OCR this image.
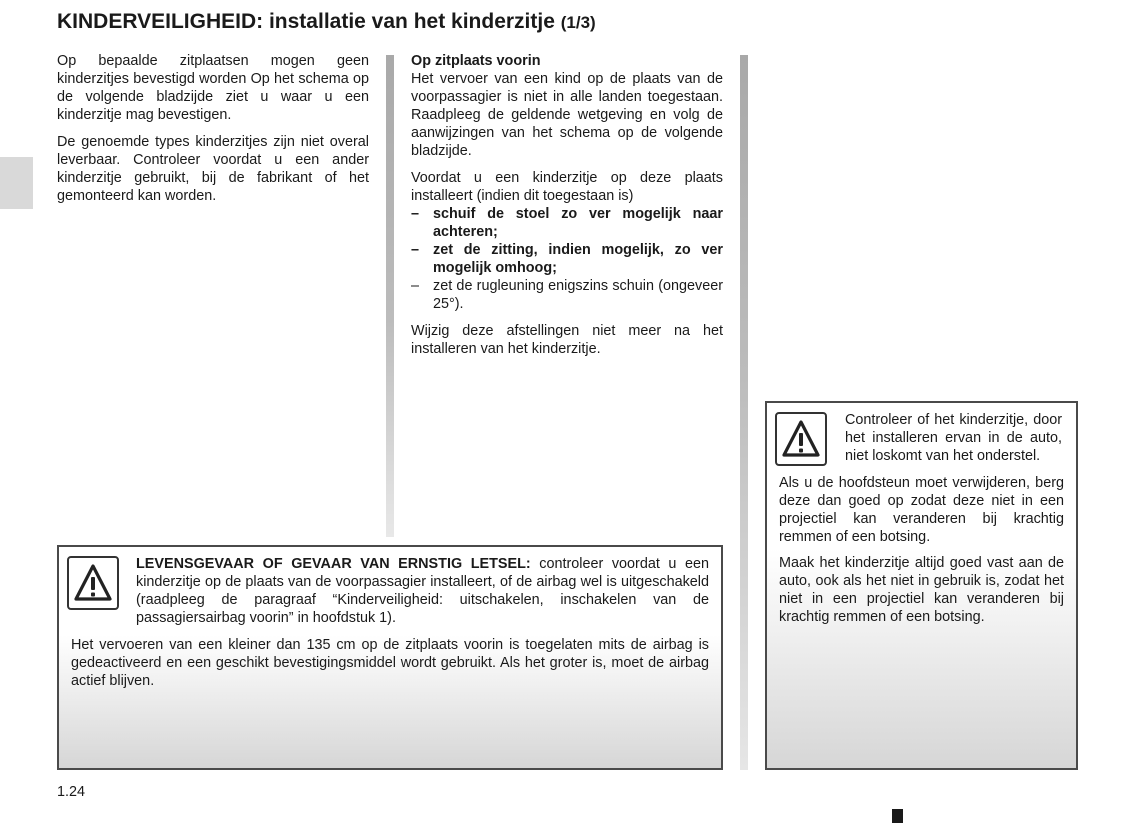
KINDERVEILIGHEID: installatie van het kinderzitje (1/3)

Op bepaalde zitplaatsen mogen geen kinderzitjes bevestigd worden Op het schema op de volgende bladzijde ziet u waar u een kinderzitje mag bevestigen.

De genoemde types kinderzitjes zijn niet overal leverbaar. Controleer voordat u een ander kinderzitje gebruikt, bij de fabrikant of het gemonteerd kan worden.

Op zitplaats voorin

Het vervoer van een kind op de plaats van de voorpassagier is niet in alle landen toegestaan. Raadpleeg de geldende wetgeving en volg de aanwijzingen van het schema op de volgende bladzijde.

Voordat u een kinderzitje op deze plaats installeert (indien dit toegestaan is)

– schuif de stoel zo ver mogelijk naar achteren;
– zet de zitting, indien mogelijk, zo ver mogelijk omhoog;
– zet de rugleuning enigszins schuin (ongeveer 25°).

Wijzig deze afstellingen niet meer na het installeren van het kinderzitje.

LEVENSGEVAAR OF GEVAAR VAN ERNSTIG LETSEL: controleer voordat u een kinderzitje op de plaats van de voorpassagier installeert, of de airbag wel is uitgeschakeld (raadpleeg de paragraaf “Kinderveiligheid: uitschakelen, inschakelen van de passagiersairbag voorin” in hoofdstuk 1).

Het vervoeren van een kleiner dan 135 cm op de zitplaats voorin is toegelaten mits de airbag is gedeactiveerd en een geschikt bevestigingsmiddel wordt gebruikt. Als het groter is, moet de airbag actief blijven.

Controleer of het kinderzitje, door het installeren ervan in de auto, niet loskomt van het onderstel.

Als u de hoofdsteun moet verwijderen, berg deze dan goed op zodat deze niet in een projectiel kan veranderen bij krachtig remmen of een botsing.

Maak het kinderzitje altijd goed vast aan de auto, ook als het niet in gebruik is, zodat het niet in een projectiel kan veranderen bij krachtig remmen of een botsing.

1.24
